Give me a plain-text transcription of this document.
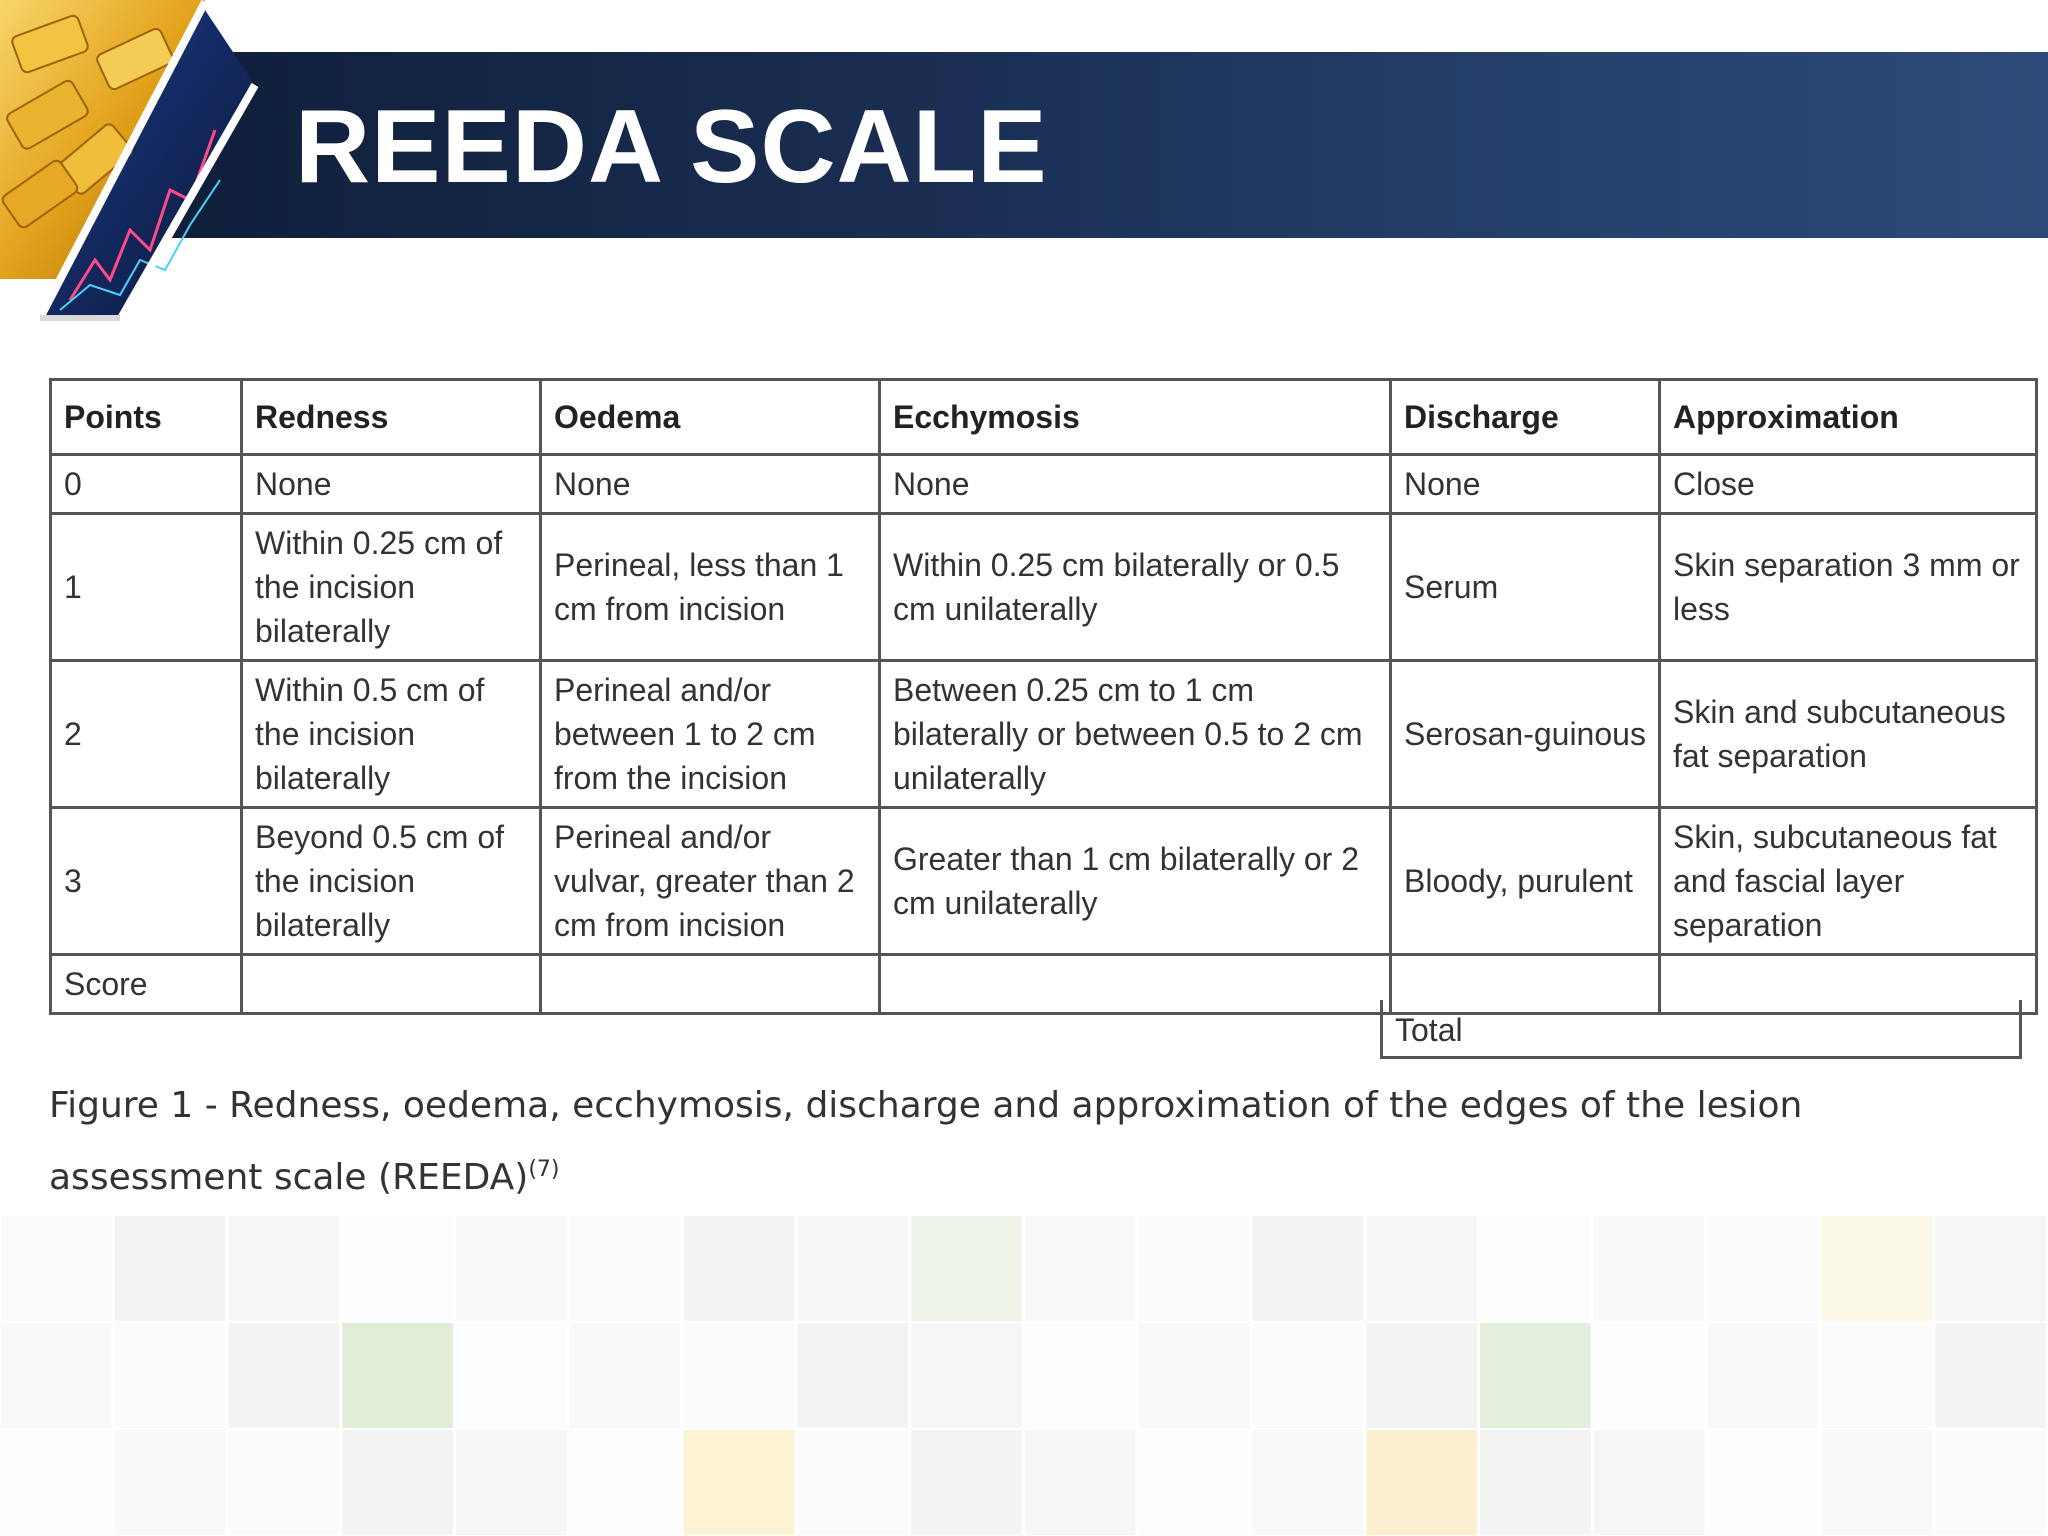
REEDA SCALE
Points	Redness	Oedema	Ecchymosis	Discharge	Approximation
0	None	None	None	None	Close
1	Within 0.25 cm of the incision bilaterally	Perineal, less than 1 cm from incision	Within 0.25 cm bilaterally or 0.5 cm unilaterally	Serum	Skin separation 3 mm or less
2	Within 0.5 cm of the incision bilaterally	Perineal and/or between 1 to 2 cm from the incision	Between 0.25 cm to 1 cm bilaterally or between 0.5 to 2 cm unilaterally	Serosan-guinous	Skin and subcutaneous fat separation
3	Beyond 0.5 cm of the incision bilaterally	Perineal and/or vulvar, greater than 2 cm from incision	Greater than 1 cm bilaterally or 2 cm unilaterally	Bloody, purulent	Skin, subcutaneous fat and fascial layer separation
Score					
Total
Figure 1 - Redness, oedema, ecchymosis, discharge and approximation of the edges of the lesion assessment scale (REEDA)$^{(7)}$
